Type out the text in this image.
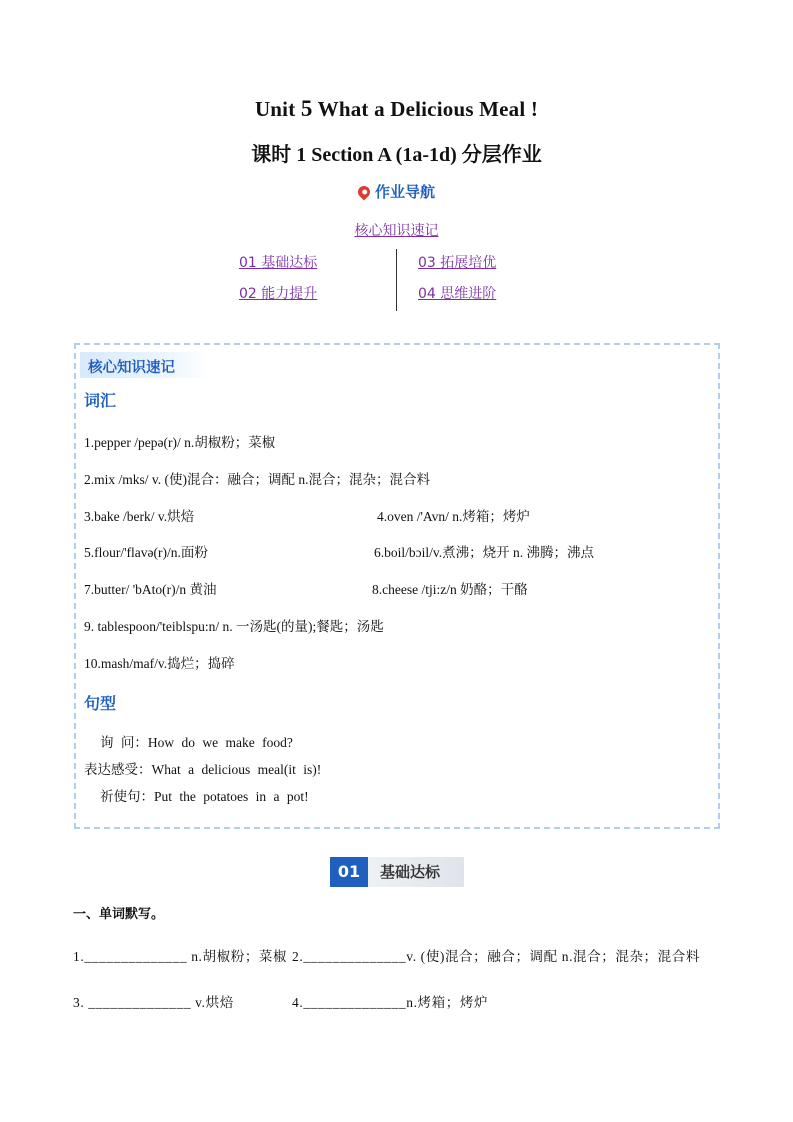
Unit 5 What a Delicious Meal !
课时 1 Section A (1a-1d) 分层作业
作业导航
核心知识速记
01 基础达标	03 拓展培优
02 能力提升	04 思维进阶
核心知识速记
词汇
1.pepper /pepə(r)/ n.胡椒粉；菜椒
2.mix /mks/ v. (使)混合：融合；调配 n.混合；混杂；混合料
3.bake /berk/ v.烘焙	4.oven /'Avn/ n.烤箱；烤炉
5.flour/'flavə(r)/n.面粉	6.boil/bɔil/v.煮沸；烧开 n. 沸腾；沸点
7.butter/ 'bAto(r)/n 黄油	8.cheese /tji:z/n 奶酪；干酪
9. tablespoon/'teiblspu:n/ n. 一汤匙(的量);餐匙；汤匙
10.mash/maf/v.捣烂；捣碎
句型
询 问：How do we make food?
表达感受：What a delicious meal(it is)!
祈使句：Put the potatoes in a pot!
01	基础达标
一、单词默写。
1.______________ n.胡椒粉；菜椒 2.______________v. (使)混合；融合；调配 n.混合；混杂；混合料
3. ______________ v.烘焙	4.______________n.烤箱；烤炉
